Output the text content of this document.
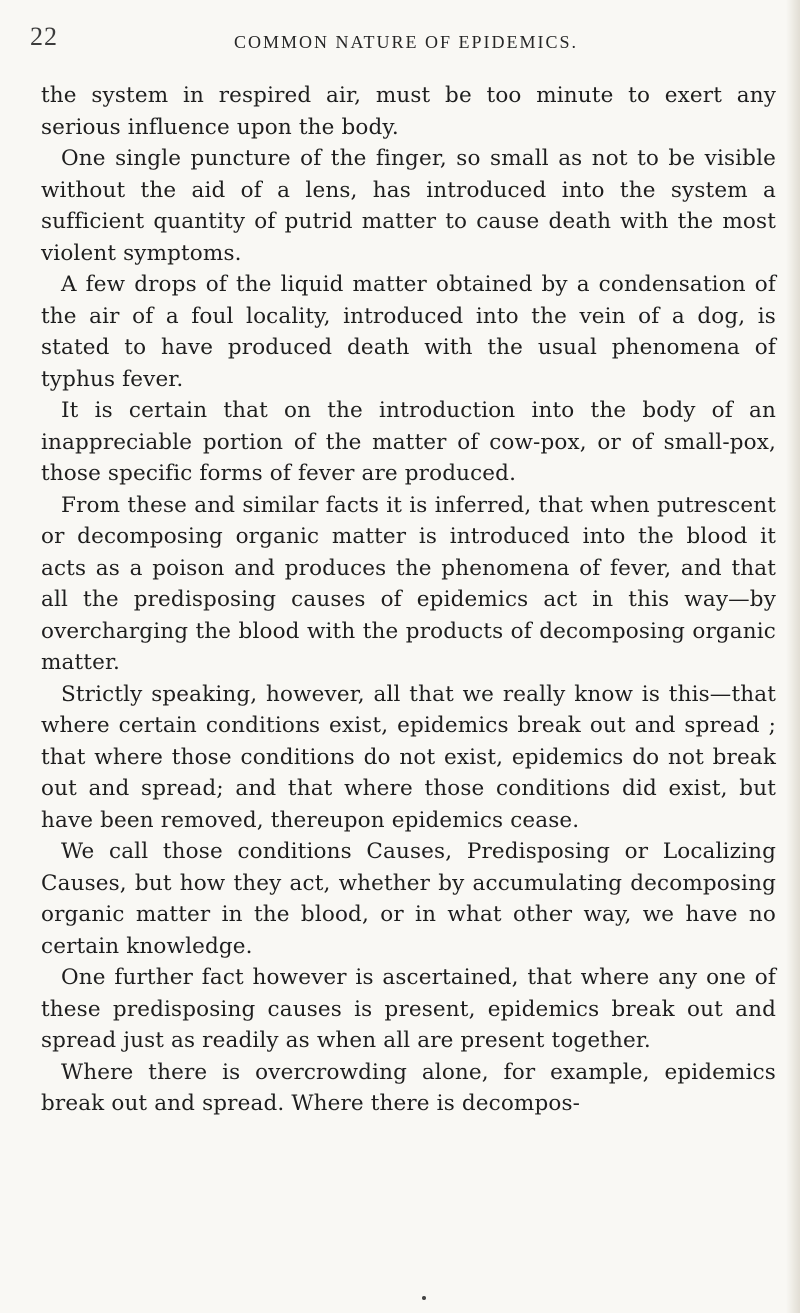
22	COMMON NATURE OF EPIDEMICS.

the system in respired air, must be too minute to exert any serious influence upon the body.

One single puncture of the finger, so small as not to be visible without the aid of a lens, has introduced into the system a sufficient quantity of putrid matter to cause death with the most violent symptoms.

A few drops of the liquid matter obtained by a condensation of the air of a foul locality, introduced into the vein of a dog, is stated to have produced death with the usual phenomena of typhus fever.

It is certain that on the introduction into the body of an inappreciable portion of the matter of cow-pox, or of small-pox, those specific forms of fever are produced.

From these and similar facts it is inferred, that when putrescent or decomposing organic matter is introduced into the blood it acts as a poison and produces the phenomena of fever, and that all the predisposing causes of epidemics act in this way—by overcharging the blood with the products of decomposing organic matter.

Strictly speaking, however, all that we really know is this—that where certain conditions exist, epidemics break out and spread ; that where those conditions do not exist, epidemics do not break out and spread; and that where those conditions did exist, but have been removed, thereupon epidemics cease.

We call those conditions Causes, Predisposing or Localizing Causes, but how they act, whether by accumulating decomposing organic matter in the blood, or in what other way, we have no certain knowledge.

One further fact however is ascertained, that where any one of these predisposing causes is present, epidemics break out and spread just as readily as when all are present together.

Where there is overcrowding alone, for example, epidemics break out and spread. Where there is decompos-
